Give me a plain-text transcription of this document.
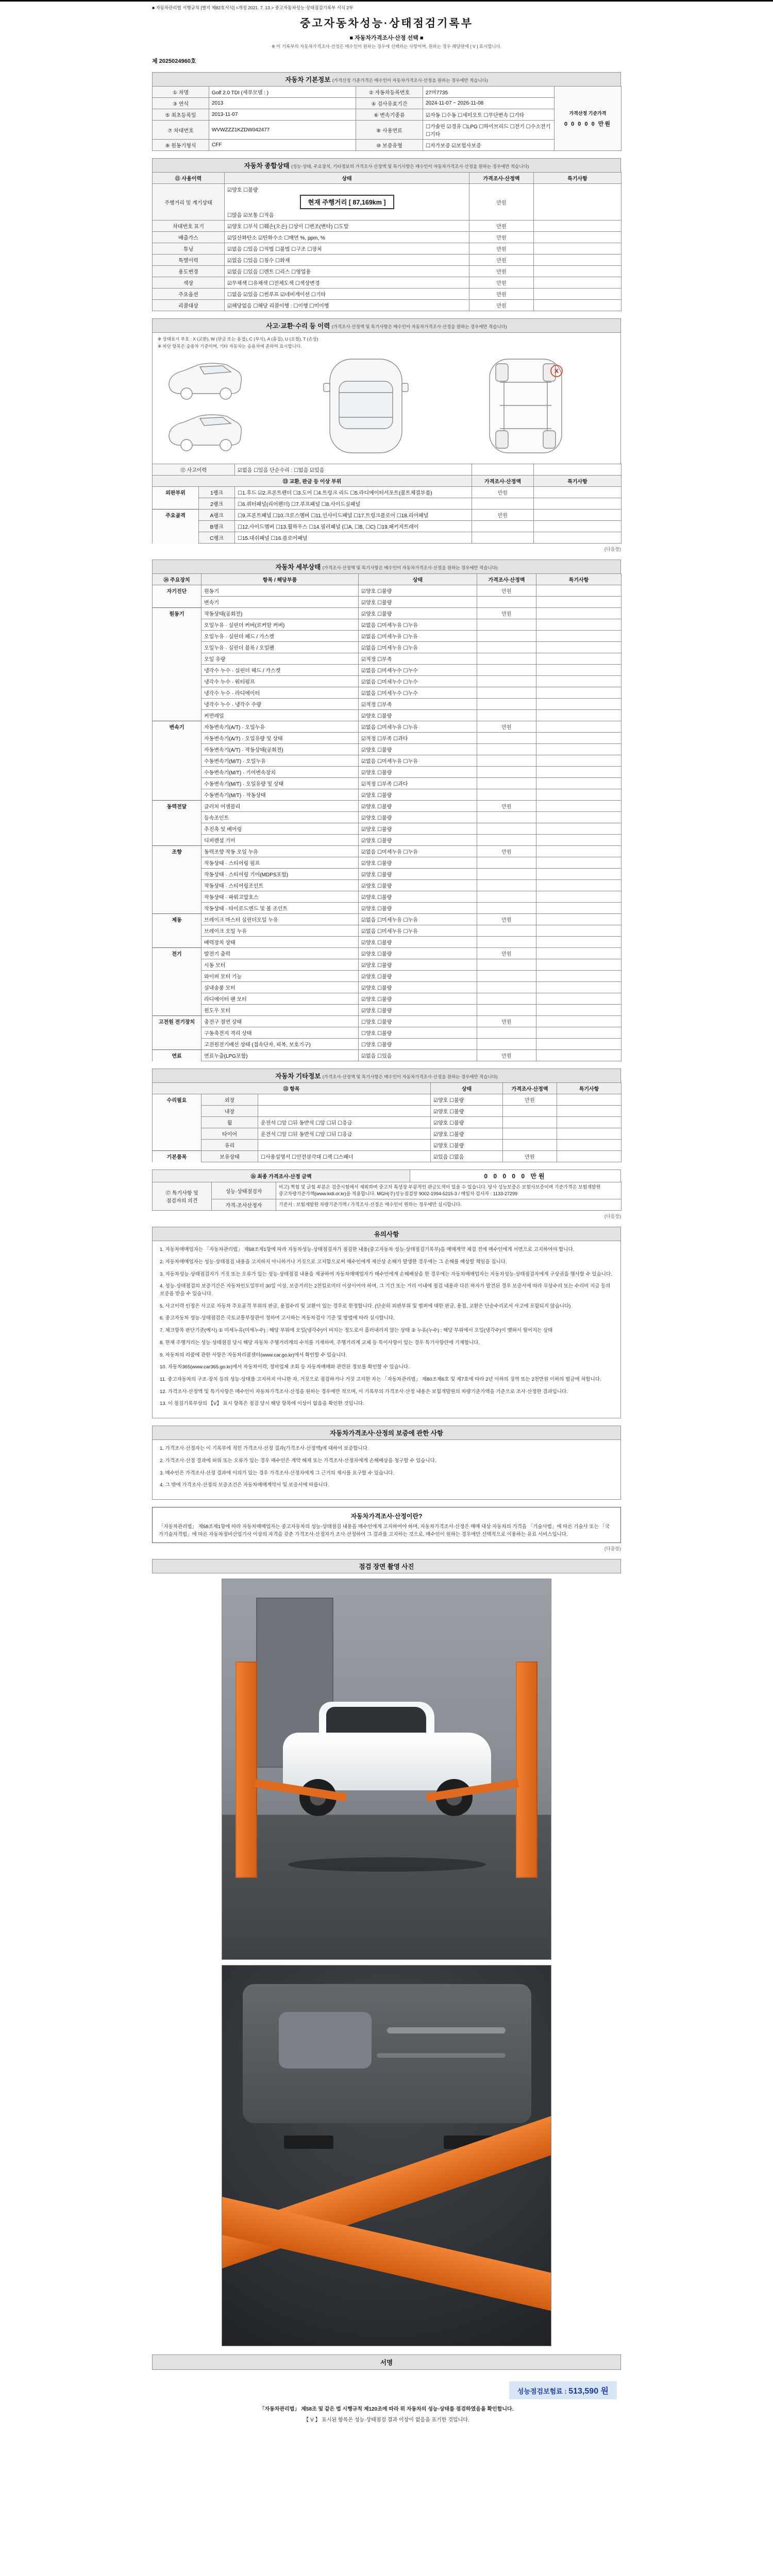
■ 자동차관리법 시행규칙 [별지 제82호서식] <개정 2021. 7. 13.> 중고자동차성능·상태점검기록부 서식 2부
중고자동차성능·상태점검기록부
■ 자동차가격조사·산정 선택 ■
※ 이 기록부의 자동차가격조사·산정은 매수인이 원하는 경우에 선택하는 사항이며, 원하는 경우 해당란에 [ V ] 표시합니다.
제 2025024960호
자동차 기본정보 (가격산정 기준가격은 매수인이 자동차가격조사·산정을 원하는 경우에만 적습니다)
① 차명	Golf 2.0 TDI (세부모델 : )	② 자동차등록번호	27머7735	가격산정 기준가격
0 0 0 0 0 만원

③ 연식	2013	④ 검사유효기간	2024-11-07 ~ 2026-11-08	
⑤ 최초등록일	2013-11-07	⑥ 변속기종류	☑자동 ☐수동 ☐세미오토 ☐무단변속 ☐기타	
⑦ 차대번호	WVWZZZ1KZDW042477	⑧ 사용연료	☐가솔린 ☑경유 ☐LPG ☐하이브리드 ☐전기 ☐수소전기 ☐기타	
⑨ 원동기형식	CFF	⑩ 보증유형	☐자가보증 ☑보험사보증	
자동차 종합상태 (성능·상태, 주요장치, 기타정보의 가격조사·산정액 및 특기사항은 매수인이 자동차가격조사·산정을 원하는 경우에만 적습니다)
⑪ 사용이력	상태	가격조사·산정액	특기사항
주행거리 및 계기상태	☑양호 ☐불량
현재 주행거리 [ 87,169km ]
☐많음 ☑보통 ☐적음	만원	
차대번호 표기	☑양호 ☐부식 ☐훼손(오손) ☐상이 ☐변조(변타) ☐도말	만원	
배출가스	☑일산화탄소 ☑탄화수소 ☐매연 %, ppm, %	만원	
튜닝	☑없음 ☐있음 ☐적법 ☐불법 ☐구조 ☐장치	만원	
특별이력	☑없음 ☐있음 ☐침수 ☐화재	만원	
용도변경	☑없음 ☐있음 ☐렌트 ☐리스 ☐영업용	만원	
색상	☑무채색 ☐유채색 ☐전체도색 ☐색상변경	만원	
주요옵션	☐없음 ☑있음 ☐썬루프 ☑네비게이션 ☐기타	만원	
리콜대상	☑해당없음 ☐해당 리콜이행 : ☐이행 ☐미이행	만원	
사고·교환·수리 등 이력 (가격조사·산정액 및 특기사항은 매수인이 자동차가격조사·산정을 원하는 경우에만 적습니다)
※ 상태표시 부호 : X (교환), W (판금 또는 용접), C (부식), A (흠집), U (요철), T (손상)
※ 하단 항목은 승용차 기준이며, 기타 자동차는 승용차에 준하여 표시합니다.
X
⑫ 사고이력		☑없음 ☐있음 단순수리 : ☐없음 ☑있음		
⑬ 교환, 판금 등 이상 부위			가격조사·산정액	특기사항
외판부위	1랭크	☐1.후드 ☑2.프론트펜더 ☐3.도어 ☐4.트렁크 리드 ☐5.라디에이터서포트(볼트체결부품)	만원	
	2랭크	☐6.쿼터패널(리어펜더) ☐7.루프패널 ☐8.사이드실패널		
주요골격	A랭크	☐9.프론트패널 ☐10.크로스멤버 ☐11.인사이드패널 ☐17.트렁크플로어 ☐18.리어패널	만원	
	B랭크	☐12.사이드멤버 ☐13.휠하우스 ☐14.필러패널 (☐A, ☐B, ☐C) ☐19.패키지트레이		
	C랭크	☐15.대쉬패널 ☐16.플로어패널		
(다음장)
자동차 세부상태 (가격조사·산정액 및 특기사항은 매수인이 자동차가격조사·산정을 원하는 경우에만 적습니다)
⑭ 주요장치	항목 / 해당부품	상태	가격조사·산정액	특기사항
자기진단	원동기	☑양호 ☐불량	만원	
	변속기	☑양호 ☐불량		
원동기	작동상태(공회전)	☑양호 ☐불량	만원	
	오일누유 · 실린더 커버(로커암 커버)	☑없음 ☐미세누유 ☐누유		
	오일누유 · 실린더 헤드 / 가스켓	☑없음 ☐미세누유 ☐누유		
	오일누유 · 실린더 블록 / 오일팬	☑없음 ☐미세누유 ☐누유		
	오일 유량	☑적정 ☐부족		
	냉각수 누수 · 실린더 헤드 / 가스켓	☑없음 ☐미세누수 ☐누수		
	냉각수 누수 · 워터펌프	☑없음 ☐미세누수 ☐누수		
	냉각수 누수 · 라디에이터	☑없음 ☐미세누수 ☐누수		
	냉각수 누수 · 냉각수 수량	☑적정 ☐부족		
	커먼레일	☑양호 ☐불량		
변속기	자동변속기(A/T) · 오일누유	☑없음 ☐미세누유 ☐누유	만원	
	자동변속기(A/T) · 오일유량 및 상태	☑적정 ☐부족 ☐과다		
	자동변속기(A/T) · 작동상태(공회전)	☑양호 ☐불량		
	수동변속기(M/T) · 오일누유	☑없음 ☐미세누유 ☐누유		
	수동변속기(M/T) · 기어변속장치	☑양호 ☐불량		
	수동변속기(M/T) · 오일유량 및 상태	☑적정 ☐부족 ☐과다		
	수동변속기(M/T) · 작동상태	☑양호 ☐불량		
동력전달	클러치 어셈블리	☑양호 ☐불량	만원	
	등속조인트	☑양호 ☐불량		
	추진축 및 베어링	☑양호 ☐불량		
	디퍼렌셜 기어	☑양호 ☐불량		
조향	동력조향 작동 오일 누유	☑없음 ☐미세누유 ☐누유	만원	
	작동상태 · 스티어링 펌프	☑양호 ☐불량		
	작동상태 · 스티어링 기어(MDPS포함)	☑양호 ☐불량		
	작동상태 · 스티어링조인트	☑양호 ☐불량		
	작동상태 · 파워고압호스	☑양호 ☐불량		
	작동상태 · 타이로드엔드 및 볼 조인트	☑양호 ☐불량		
제동	브레이크 마스터 실린더오일 누유	☑없음 ☐미세누유 ☐누유	만원	
	브레이크 오일 누유	☑없음 ☐미세누유 ☐누유		
	배력장치 상태	☑양호 ☐불량		
전기	발전기 출력	☑양호 ☐불량	만원	
	시동 모터	☑양호 ☐불량		
	와이퍼 모터 기능	☑양호 ☐불량		
	실내송풍 모터	☑양호 ☐불량		
	라디에이터 팬 모터	☑양호 ☐불량		
	윈도우 모터	☑양호 ☐불량		
고전원 전기장치	충전구 절연 상태	☐양호 ☐불량	만원	
	구동축전지 격리 상태	☐양호 ☐불량		
	고전원전기배선 상태 (접속단자, 피복, 보호기구)	☐양호 ☐불량		
연료	연료누출(LPG포함)	☑없음 ☐있음	만원	
자동차 기타정보 (가격조사·산정액 및 특기사항은 매수인이 자동차가격조사·산정을 원하는 경우에만 적습니다)
⑮ 항목			상태	가격조사·산정액	특기사항
수리필요	외장		☑양호 ☐불량	만원	
	내장		☑양호 ☐불량		
	휠	운전석 ☐앞 ☐뒤 동반석 ☐앞 ☐뒤 ☐응급	☑양호 ☐불량		
	타이어	운전석 ☐앞 ☐뒤 동반석 ☐앞 ☐뒤 ☐응급	☑양호 ☐불량		
	유리		☑양호 ☐불량		
기본품목	보유상태	☐사용설명서 ☐안전삼각대 ☐잭 ☐스패너	☑있음 ☐없음	만원	
⑯ 최종 가격조사·산정 금액	0 0 0 0 0 만원
⑰ 특기사항 및 점검자의 의견	성능·상태점검자	비고) 찍힘 및 긁힘 부분은 검증시험에서 제외하며 중고차 특성상 부분적인 판금도색이 있을 수 있습니다. 당사 성능보증은 보험사보증이며 기준가격은 보험개발원 중고차량기준가액(www.kidi.or.kr)을 적용합니다. MGH(주)성능점검장 9002-1994-5215-3 / 매입차 검사자 : 1133-27299
	가격·조사산정자	기준서 : 보험개발원 차량기준가액 / 가격조사·산정은 매수인이 원하는 경우에만 실시합니다.
(다음장)
유의사항
1. 자동차매매업자는 「자동차관리법」 제58조제1항에 따라 자동차성능·상태점검자가 점검한 내용(중고자동차 성능·상태점검기록부)을 매매계약 체결 전에 매수인에게 서면으로 고지하여야 합니다.
2. 자동차매매업자는 성능·상태점검 내용을 고지하지 아니하거나 거짓으로 고지함으로써 매수인에게 재산상 손해가 발생한 경우에는 그 손해를 배상할 책임을 집니다.
3. 자동차성능·상태점검자가 거짓 또는 오류가 있는 성능·상태점검 내용을 제공하여 자동차매매업자가 매수인에게 손해배상을 한 경우에는 자동차매매업자는 자동차성능·상태점검자에게 구상권을 행사할 수 있습니다.
4. 성능·상태점검의 보증기간은 자동차인도일부터 30일 이상, 보증거리는 2천킬로미터 이상이어야 하며, 그 기간 또는 거리 이내에 점검 내용과 다른 하자가 발견된 경우 보증서에 따라 무상수리 또는 수리비 지급 등의 보증을 받을 수 있습니다.
5. 사고이력 인정은 사고로 자동차 주요골격 부위의 판금, 용접수리 및 교환이 있는 경우로 한정합니다. (단순히 외판부위 및 범퍼에 대한 판금, 용접, 교환은 단순수리로서 사고에 포함되지 않습니다)
6. 중고자동차 성능·상태점검은 국토교통부장관이 정하여 고시하는 자동차검사 기준 및 방법에 따라 실시합니다.
7. 체크항목 판단기준(예시) ① 미세누유(미세누수) : 해당 부위에 오일(냉각수)이 비치는 정도로서 흘러내리지 않는 상태 ② 누유(누수) : 해당 부위에서 오일(냉각수)이 맺혀서 떨어지는 상태
8. 현재 주행거리는 성능·상태점검 당시 해당 자동차 주행거리계의 수치를 기재하며, 주행거리계 교체 등 특이사항이 있는 경우 특기사항란에 기재합니다.
9. 자동차의 리콜에 관한 사항은 자동차리콜센터(www.car.go.kr)에서 확인할 수 있습니다.
10. 자동차365(www.car365.go.kr)에서 자동차이력, 정비업체 조회 등 자동차매매와 관련된 정보를 확인할 수 있습니다.
11. 중고자동차의 구조·장치 등의 성능·상태를 고지하지 아니한 자, 거짓으로 점검하거나 거짓 고지한 자는 「자동차관리법」 제80조제6호 및 제7호에 따라 2년 이하의 징역 또는 2천만원 이하의 벌금에 처합니다.
12. 가격조사·산정액 및 특기사항은 매수인이 자동차가격조사·산정을 원하는 경우에만 적으며, 이 기록부의 가격조사·산정 내용은 보험개발원의 차량기준가액을 기준으로 조사·산정한 결과입니다.
13. 이 점검기록부상의 【V】 표시 항목은 점검 당시 해당 항목에 이상이 없음을 확인한 것입니다.
자동차가격조사·산정의 보증에 관한 사항
1. 가격조사·산정자는 이 기록부에 적힌 가격조사·산정 결과(가격조사·산정액)에 대하여 보증합니다.
2. 가격조사·산정 결과에 허위 또는 오류가 있는 경우 매수인은 계약 해제 또는 가격조사·산정자에게 손해배상을 청구할 수 있습니다.
3. 매수인은 가격조사·산정 결과에 이의가 있는 경우 가격조사·산정자에게 그 근거의 제시를 요구할 수 있습니다.
4. 그 밖에 가격조사·산정의 보증조건은 자동차매매계약서 및 보증서에 따릅니다.
자동차가격조사·산정이란?
「자동차관리법」 제58조제1항에 따라 자동차매매업자는 중고자동차의 성능·상태점검 내용을 매수인에게 고지하여야 하며, 자동차가격조사·산정은 매매 대상 자동차의 가격을 「기술사법」에 따른 기술사 또는 「국가기술자격법」에 따른 자동차정비산업기사 이상의 자격을 갖춘 가격조사·산정자가 조사·산정하여 그 결과를 고지하는 것으로, 매수인이 원하는 경우에만 선택적으로 이용하는 유료 서비스입니다.
(다음장)
점검 장면 촬영 사진
서명
성능점검보험료 : 513,590 원
「자동차관리법」 제58조 및 같은 법 시행규칙 제120조에 따라 위 자동차의 성능·상태를 점검하였음을 확인합니다.
【 V 】 표시된 항목은 성능·상태점검 결과 이상이 없음을 표기한 것입니다.
